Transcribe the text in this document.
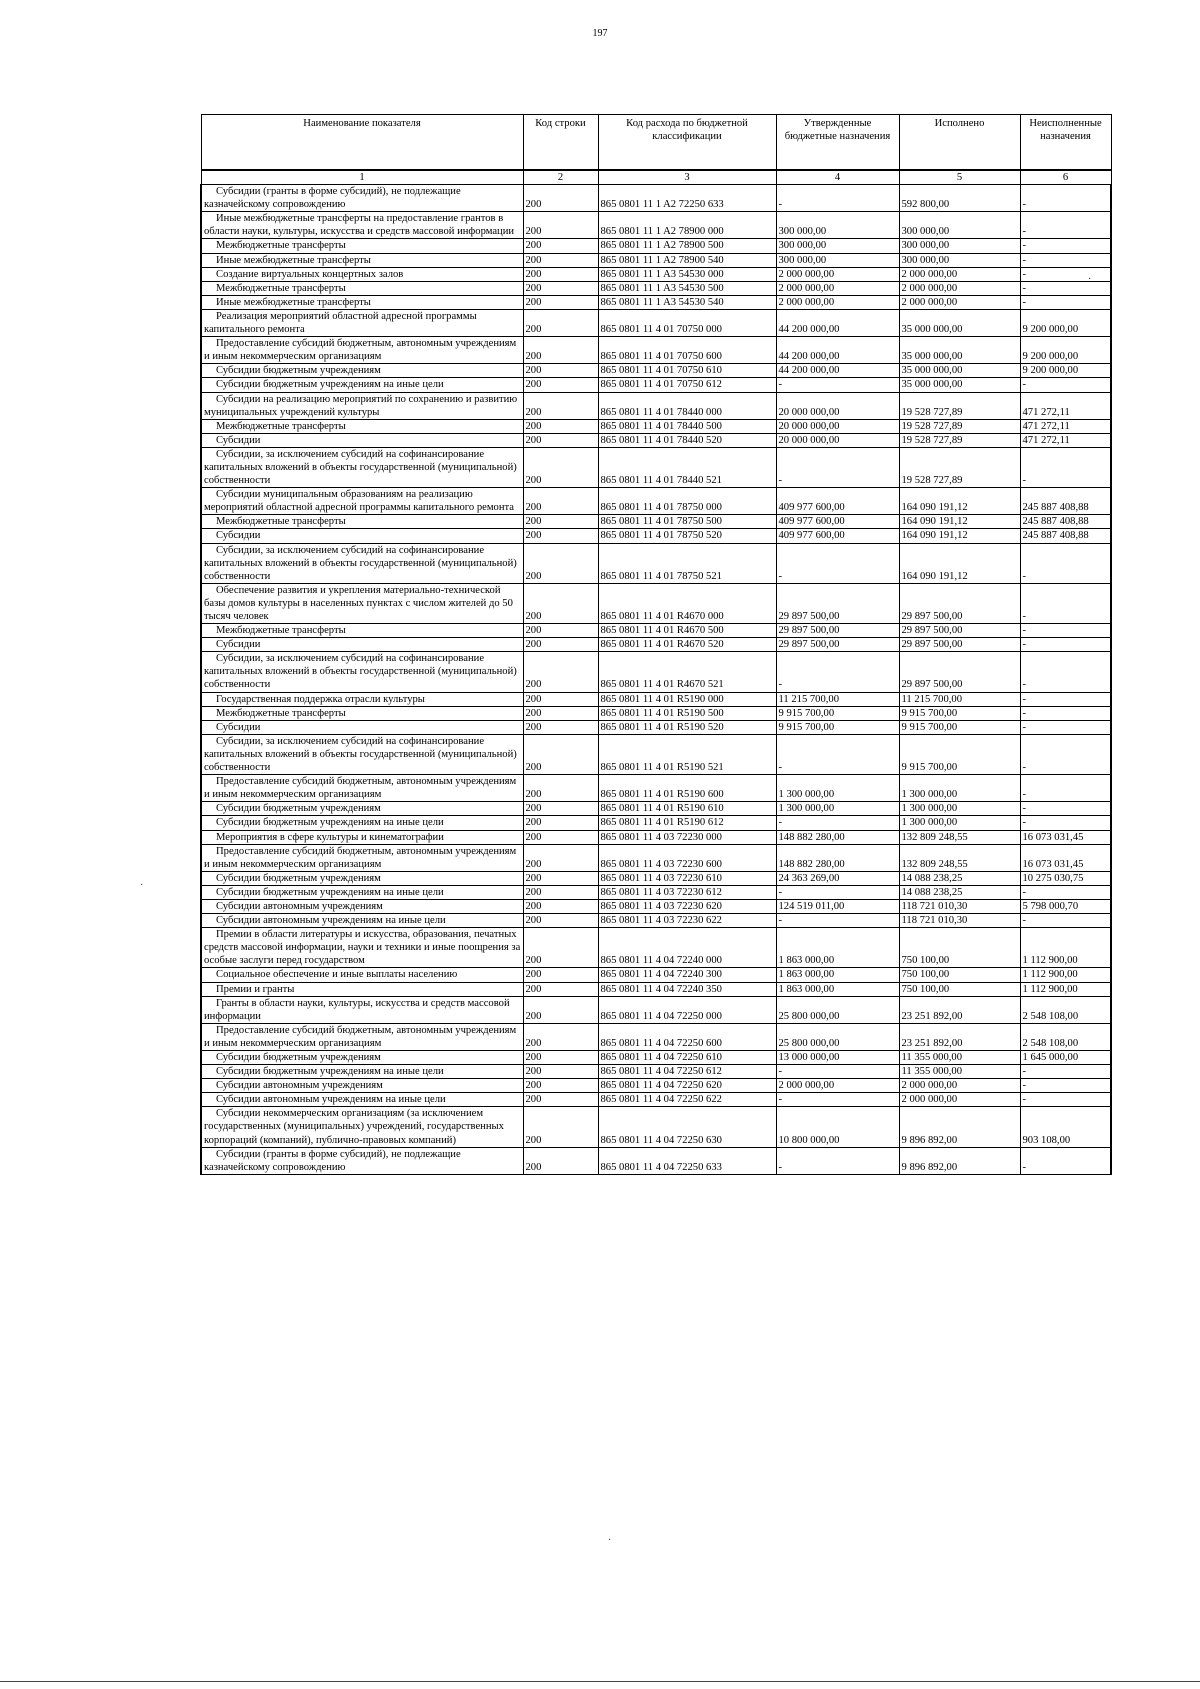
197
Наименование показателя	Код строки	Код расхода по бюджетной классификации	Утвержденные бюджетные назначения	Исполнено	Неисполненные назначения
1	2	3	4	5	6
Субсидии (гранты в форме субсидий), не подлежащие казначейскому сопровождению	200	865 0801 11 1 A2 72250 633	-	592 800,00	-
Иные межбюджетные трансферты на предоставление грантов в области науки, культуры, искусства и средств массовой информации	200	865 0801 11 1 A2 78900 000	300 000,00	300 000,00	-
Межбюджетные трансферты	200	865 0801 11 1 A2 78900 500	300 000,00	300 000,00	-
Иные межбюджетные трансферты	200	865 0801 11 1 A2 78900 540	300 000,00	300 000,00	-
Создание виртуальных концертных залов	200	865 0801 11 1 A3 54530 000	2 000 000,00	2 000 000,00	-
Межбюджетные трансферты	200	865 0801 11 1 A3 54530 500	2 000 000,00	2 000 000,00	-
Иные межбюджетные трансферты	200	865 0801 11 1 A3 54530 540	2 000 000,00	2 000 000,00	-
Реализация мероприятий областной адресной программы капитального ремонта	200	865 0801 11 4 01 70750 000	44 200 000,00	35 000 000,00	9 200 000,00
Предоставление субсидий бюджетным, автономным учреждениям и иным некоммерческим организациям	200	865 0801 11 4 01 70750 600	44 200 000,00	35 000 000,00	9 200 000,00
Субсидии бюджетным учреждениям	200	865 0801 11 4 01 70750 610	44 200 000,00	35 000 000,00	9 200 000,00
Субсидии бюджетным учреждениям на иные цели	200	865 0801 11 4 01 70750 612	-	35 000 000,00	-
Субсидии на реализацию мероприятий по сохранению и развитию муниципальных учреждений культуры	200	865 0801 11 4 01 78440 000	20 000 000,00	19 528 727,89	471 272,11
Межбюджетные трансферты	200	865 0801 11 4 01 78440 500	20 000 000,00	19 528 727,89	471 272,11
Субсидии	200	865 0801 11 4 01 78440 520	20 000 000,00	19 528 727,89	471 272,11
Субсидии, за исключением субсидий на софинансирование капитальных вложений в объекты государственной (муниципальной) собственности	200	865 0801 11 4 01 78440 521	-	19 528 727,89	-
Субсидии муниципальным образованиям на реализацию мероприятий областной адресной программы капитального ремонта	200	865 0801 11 4 01 78750 000	409 977 600,00	164 090 191,12	245 887 408,88
Межбюджетные трансферты	200	865 0801 11 4 01 78750 500	409 977 600,00	164 090 191,12	245 887 408,88
Субсидии	200	865 0801 11 4 01 78750 520	409 977 600,00	164 090 191,12	245 887 408,88
Субсидии, за исключением субсидий на софинансирование капитальных вложений в объекты государственной (муниципальной) собственности	200	865 0801 11 4 01 78750 521	-	164 090 191,12	-
Обеспечение развития и укрепления материально-технической базы домов культуры в населенных пунктах с числом жителей до 50 тысяч человек	200	865 0801 11 4 01 R4670 000	29 897 500,00	29 897 500,00	-
Межбюджетные трансферты	200	865 0801 11 4 01 R4670 500	29 897 500,00	29 897 500,00	-
Субсидии	200	865 0801 11 4 01 R4670 520	29 897 500,00	29 897 500,00	-
Субсидии, за исключением субсидий на софинансирование капитальных вложений в объекты государственной (муниципальной) собственности	200	865 0801 11 4 01 R4670 521	-	29 897 500,00	-
Государственная поддержка отрасли культуры	200	865 0801 11 4 01 R5190 000	11 215 700,00	11 215 700,00	-
Межбюджетные трансферты	200	865 0801 11 4 01 R5190 500	9 915 700,00	9 915 700,00	-
Субсидии	200	865 0801 11 4 01 R5190 520	9 915 700,00	9 915 700,00	-
Субсидии, за исключением субсидий на софинансирование капитальных вложений в объекты государственной (муниципальной) собственности	200	865 0801 11 4 01 R5190 521	-	9 915 700,00	-
Предоставление субсидий бюджетным, автономным учреждениям и иным некоммерческим организациям	200	865 0801 11 4 01 R5190 600	1 300 000,00	1 300 000,00	-
Субсидии бюджетным учреждениям	200	865 0801 11 4 01 R5190 610	1 300 000,00	1 300 000,00	-
Субсидии бюджетным учреждениям на иные цели	200	865 0801 11 4 01 R5190 612	-	1 300 000,00	-
Мероприятия в сфере культуры и кинематографии	200	865 0801 11 4 03 72230 000	148 882 280,00	132 809 248,55	16 073 031,45
Предоставление субсидий бюджетным, автономным учреждениям и иным некоммерческим организациям	200	865 0801 11 4 03 72230 600	148 882 280,00	132 809 248,55	16 073 031,45
Субсидии бюджетным учреждениям	200	865 0801 11 4 03 72230 610	24 363 269,00	14 088 238,25	10 275 030,75
Субсидии бюджетным учреждениям на иные цели	200	865 0801 11 4 03 72230 612	-	14 088 238,25	-
Субсидии автономным учреждениям	200	865 0801 11 4 03 72230 620	124 519 011,00	118 721 010,30	5 798 000,70
Субсидии автономным учреждениям на иные цели	200	865 0801 11 4 03 72230 622	-	118 721 010,30	-
Премии в области литературы и искусства, образования, печатных средств массовой информации, науки и техники и иные поощрения за особые заслуги перед государством	200	865 0801 11 4 04 72240 000	1 863 000,00	750 100,00	1 112 900,00
Социальное обеспечение и иные выплаты населению	200	865 0801 11 4 04 72240 300	1 863 000,00	750 100,00	1 112 900,00
Премии и гранты	200	865 0801 11 4 04 72240 350	1 863 000,00	750 100,00	1 112 900,00
Гранты в области науки, культуры, искусства и средств массовой информации	200	865 0801 11 4 04 72250 000	25 800 000,00	23 251 892,00	2 548 108,00
Предоставление субсидий бюджетным, автономным учреждениям и иным некоммерческим организациям	200	865 0801 11 4 04 72250 600	25 800 000,00	23 251 892,00	2 548 108,00
Субсидии бюджетным учреждениям	200	865 0801 11 4 04 72250 610	13 000 000,00	11 355 000,00	1 645 000,00
Субсидии бюджетным учреждениям на иные цели	200	865 0801 11 4 04 72250 612	-	11 355 000,00	-
Субсидии автономным учреждениям	200	865 0801 11 4 04 72250 620	2 000 000,00	2 000 000,00	-
Субсидии автономным учреждениям на иные цели	200	865 0801 11 4 04 72250 622	-	2 000 000,00	-
Субсидии некоммерческим организациям (за исключением государственных (муниципальных) учреждений, государственных корпораций (компаний), публично-правовых компаний)	200	865 0801 11 4 04 72250 630	10 800 000,00	9 896 892,00	903 108,00
Субсидии (гранты в форме субсидий), не подлежащие казначейскому сопровождению	200	865 0801 11 4 04 72250 633	-	9 896 892,00	-
·
·
·
